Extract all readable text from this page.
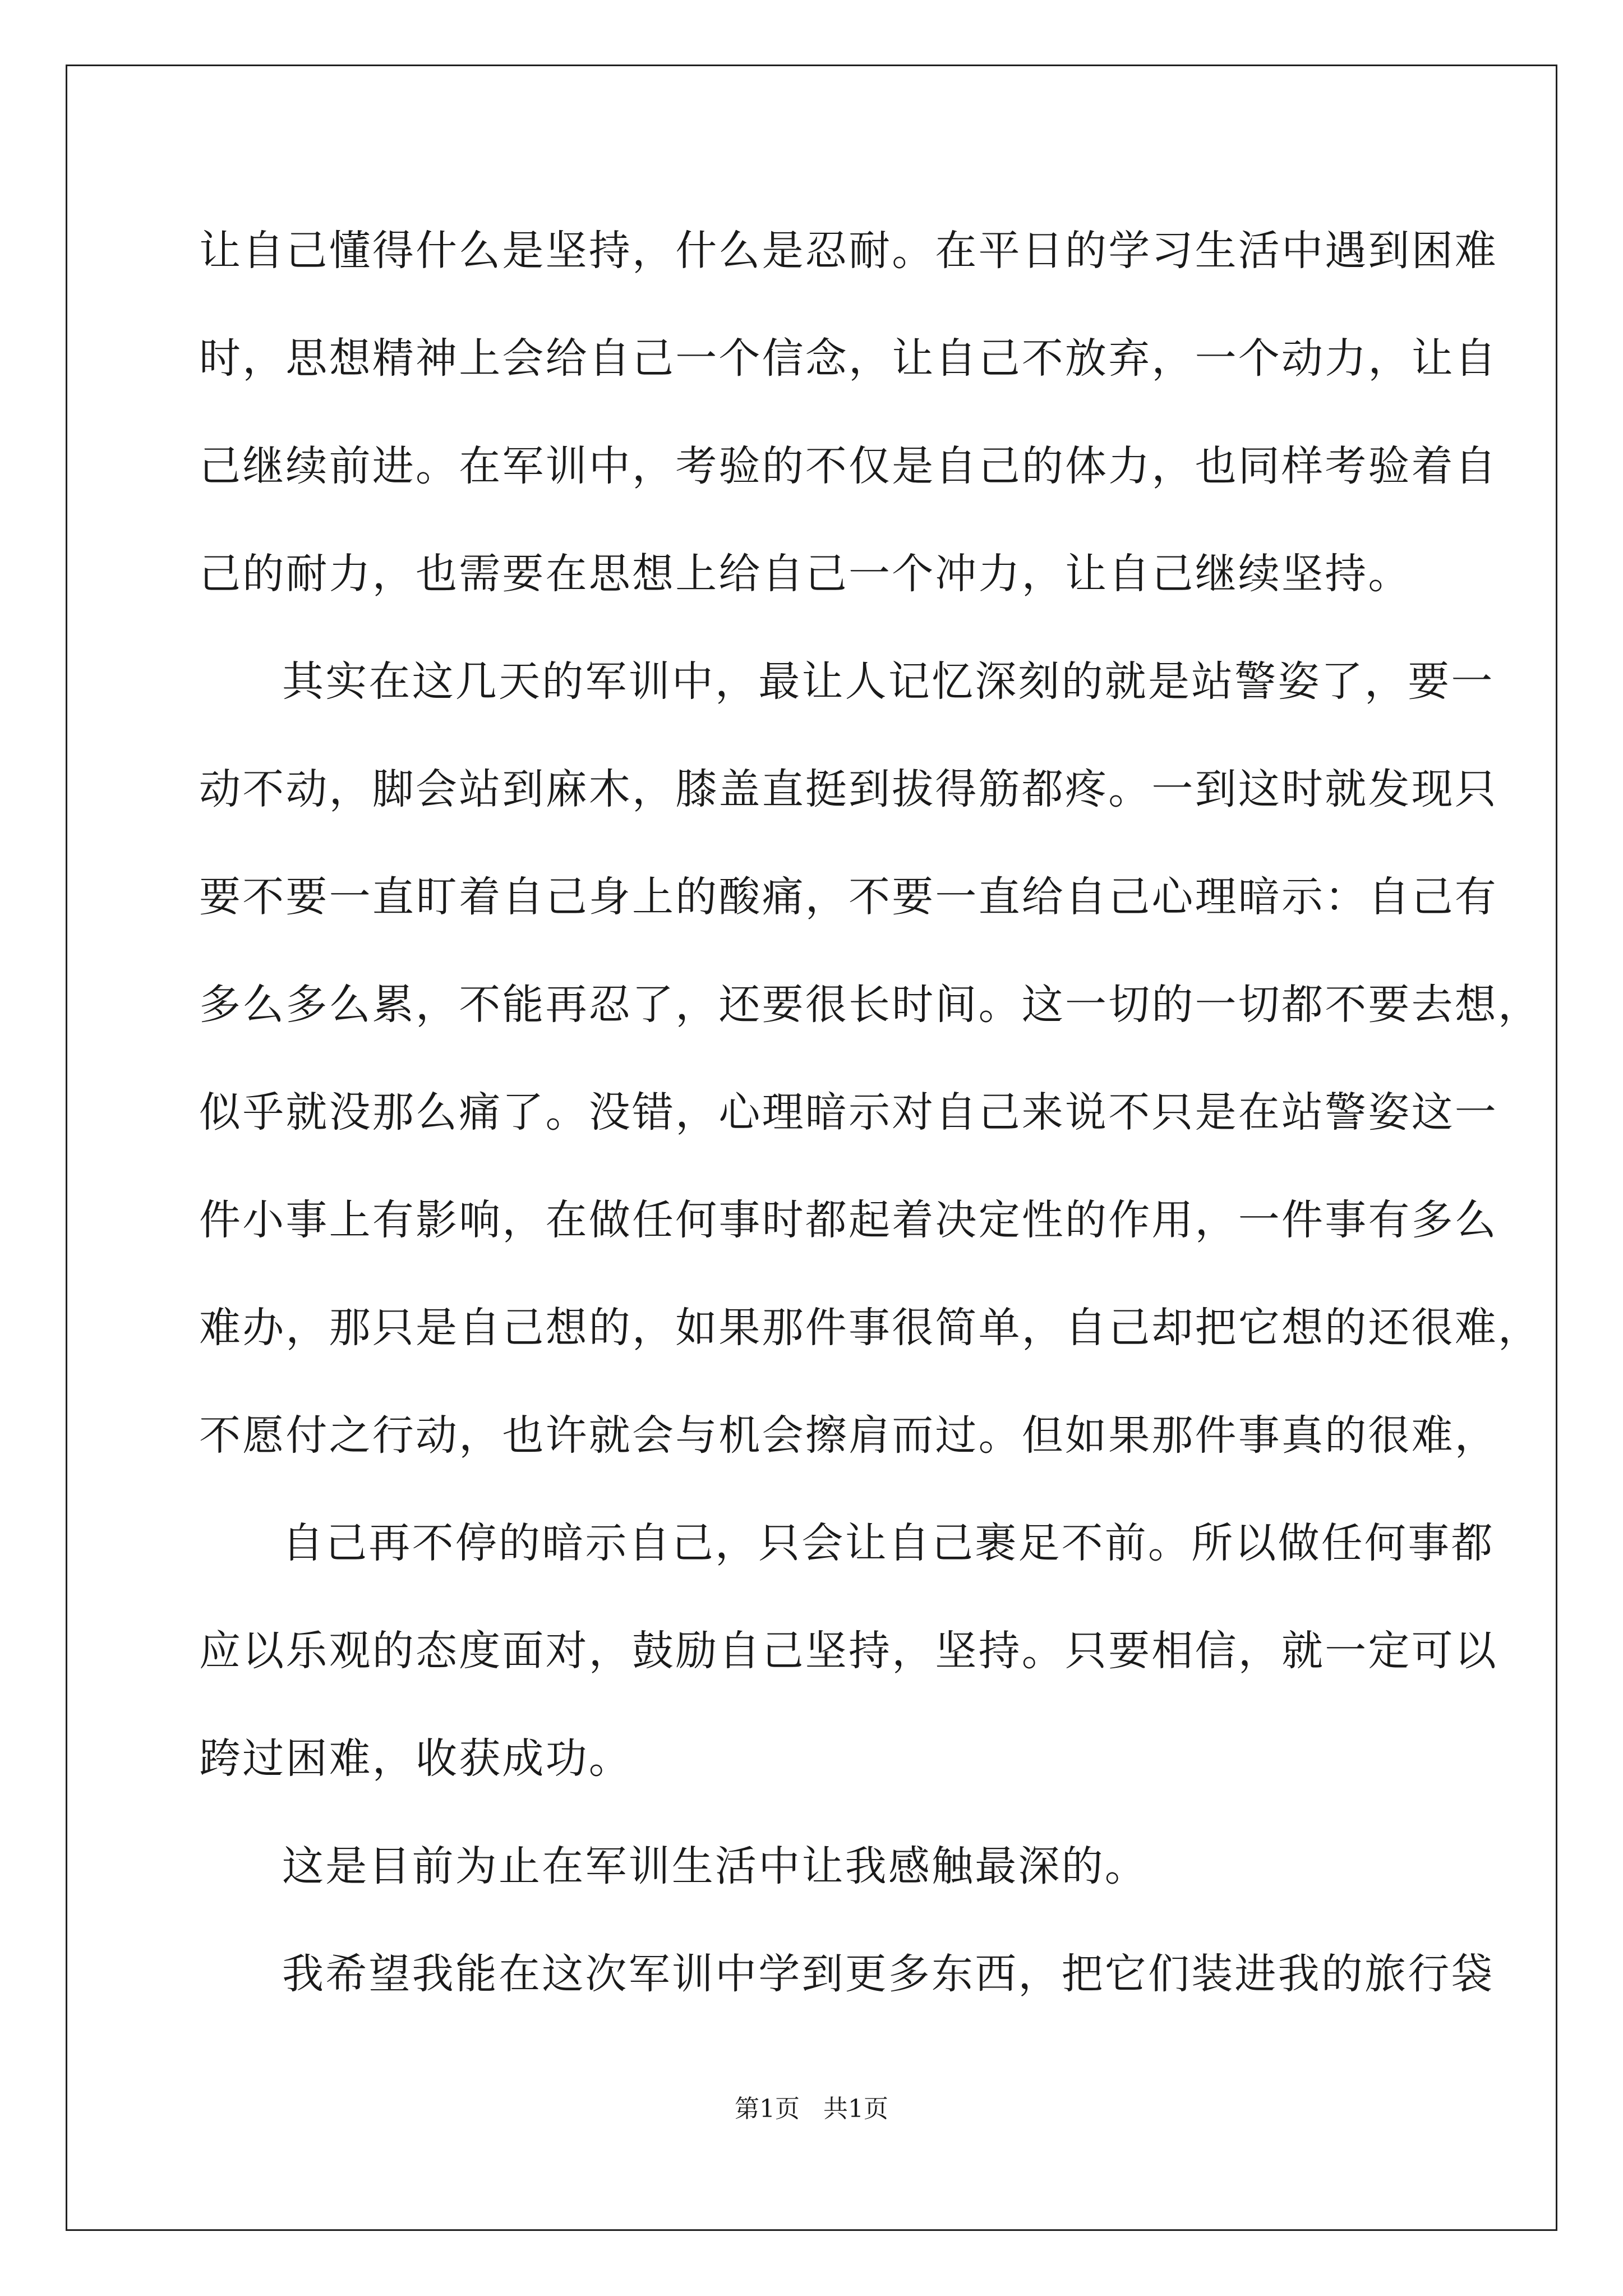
让自己懂得什么是坚持，什么是忍耐。在平日的学习生活中遇到困难
时，思想精神上会给自己一个信念，让自己不放弃，一个动力，让自
己继续前进。在军训中，考验的不仅是自己的体力，也同样考验着自
己的耐力，也需要在思想上给自己一个冲力，让自己继续坚持。
其实在这几天的军训中，最让人记忆深刻的就是站警姿了，要一
动不动，脚会站到麻木，膝盖直挺到拔得筋都疼。一到这时就发现只
要不要一直盯着自己身上的酸痛，不要一直给自己心理暗示：自己有
多么多么累，不能再忍了，还要很长时间。这一切的一切都不要去想，
似乎就没那么痛了。没错，心理暗示对自己来说不只是在站警姿这一
件小事上有影响，在做任何事时都起着决定性的作用，一件事有多么
难办，那只是自己想的，如果那件事很简单，自己却把它想的还很难，
不愿付之行动，也许就会与机会擦肩而过。但如果那件事真的很难，
自己再不停的暗示自己，只会让自己裹足不前。所以做任何事都
应以乐观的态度面对，鼓励自己坚持，坚持。只要相信，就一定可以
跨过困难，收获成功。
这是目前为止在军训生活中让我感触最深的。
我希望我能在这次军训中学到更多东西，把它们装进我的旅行袋
第1页   共1页
